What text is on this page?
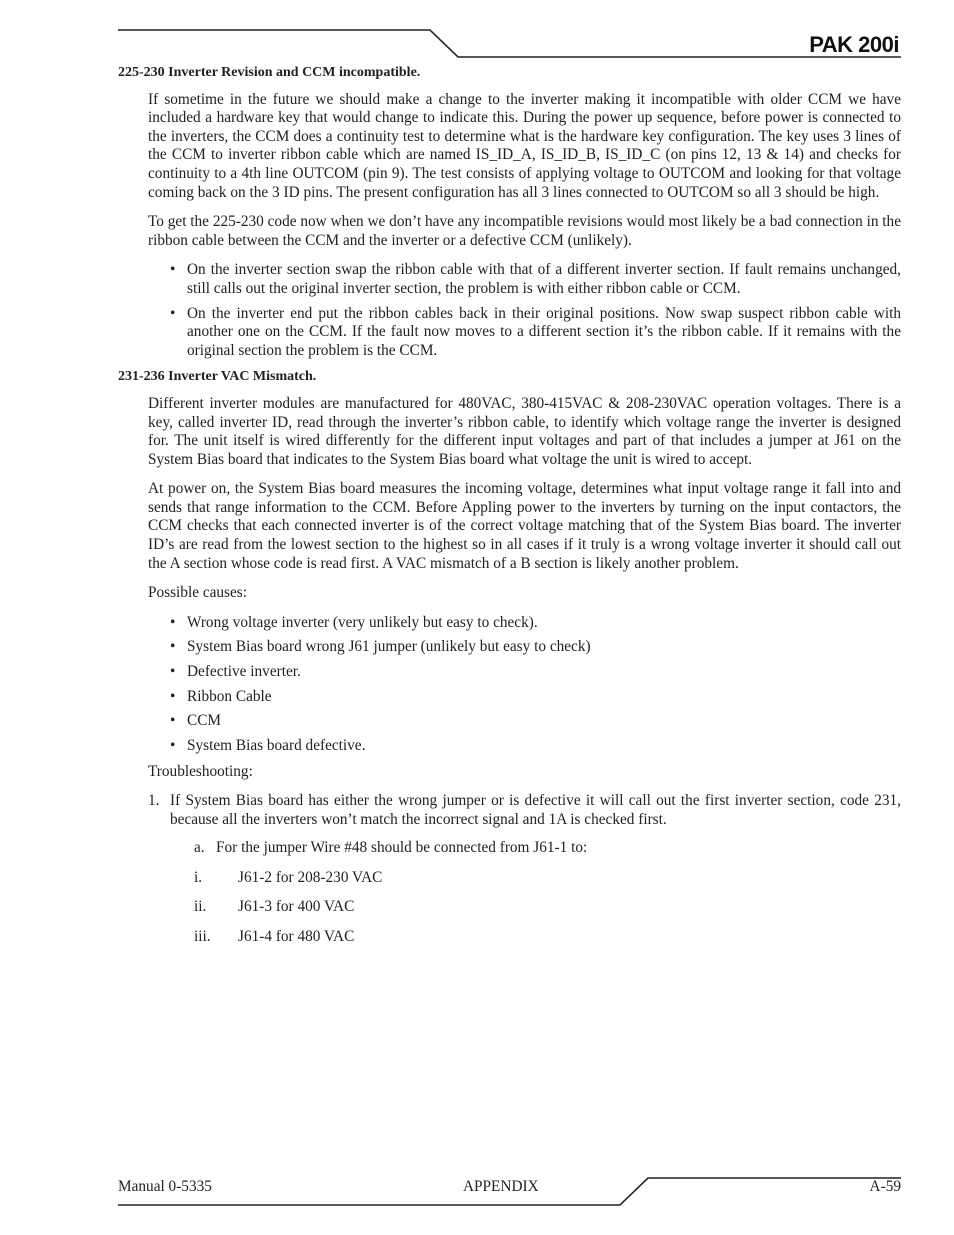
PAK 200i
225-230 Inverter Revision and CCM incompatible.

If sometime in the future we should make a change to the inverter making it incompatible with older CCM we have included a hardware key that would change to indicate this. During the power up sequence, before power is connected to the inverters, the CCM does a continuity test to determine what is the hardware key configuration. The key uses 3 lines of the CCM to inverter ribbon cable which are named IS_ID_A, IS_ID_B, IS_ID_C (on pins 12, 13 & 14) and checks for continuity to a 4th line OUTCOM (pin 9). The test consists of applying voltage to OUTCOM and looking for that voltage coming back on the 3 ID pins. The present configuration has all 3 lines connected to OUTCOM so all 3 should be high.

To get the 225-230 code now when we don’t have any incompatible revisions would most likely be a bad connection in the ribbon cable between the CCM and the inverter or a defective CCM (unlikely).

• On the inverter section swap the ribbon cable with that of a different inverter section. If fault remains unchanged, still calls out the original inverter section, the problem is with either ribbon cable or CCM.
• On the inverter end put the ribbon cables back in their original positions. Now swap suspect ribbon cable with another one on the CCM. If the fault now moves to a different section it’s the ribbon cable. If it remains with the original section the problem is the CCM.
231-236 Inverter VAC Mismatch.

Different inverter modules are manufactured for 480VAC, 380-415VAC & 208-230VAC operation voltages. There is a key, called inverter ID, read through the inverter’s ribbon cable, to identify which voltage range the inverter is designed for. The unit itself is wired differently for the different input voltages and part of that includes a jumper at J61 on the System Bias board that indicates to the System Bias board what voltage the unit is wired to accept.

At power on, the System Bias board measures the incoming voltage, determines what input voltage range it fall into and sends that range information to the CCM. Before Appling power to the inverters by turning on the input contactors, the CCM checks that each connected inverter is of the correct voltage matching that of the System Bias board. The inverter ID’s are read from the lowest section to the highest so in all cases if it truly is a wrong voltage inverter it should call out the A section whose code is read first. A VAC mismatch of a B section is likely another problem.

Possible causes:

• Wrong voltage inverter (very unlikely but easy to check).
• System Bias board wrong J61 jumper (unlikely but easy to check)
• Defective inverter.
• Ribbon Cable
• CCM
• System Bias board defective.

Troubleshooting:

1. If System Bias board has either the wrong jumper or is defective it will call out the first inverter section, code 231, because all the inverters won’t match the incorrect signal and 1A is checked first.
a. For the jumper Wire #48 should be connected from J61-1 to:
i.	J61-2 for 208-230 VAC
ii.	J61-3 for 400 VAC
iii.	J61-4 for 480 VAC
Manual 0-5335	APPENDIX	A-59
